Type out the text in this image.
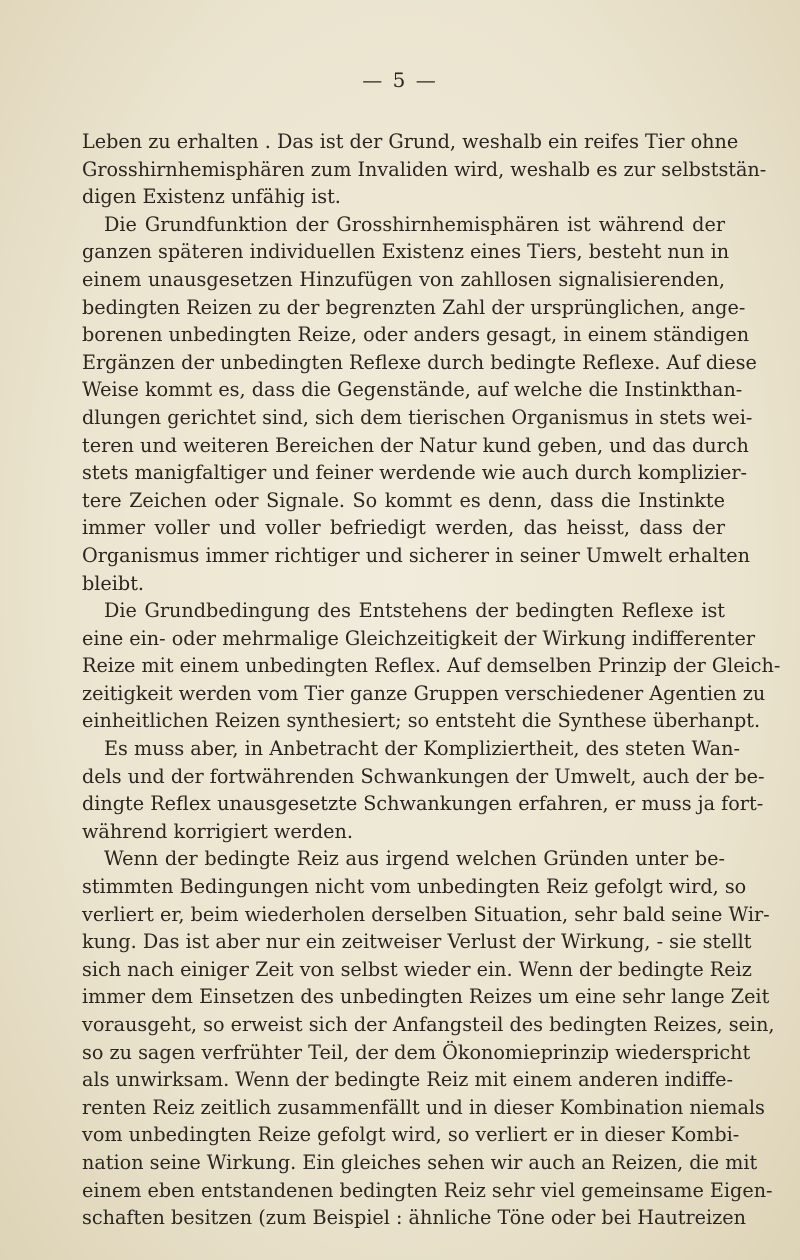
— 5 —
Leben zu erhalten . Das ist der Grund, weshalb ein reifes Tier ohne
Grosshirnhemisphären zum Invaliden wird, weshalb es zur selbststän-
digen Existenz unfähig ist.
Die Grundfunktion der Grosshirnhemisphären ist während der
ganzen späteren individuellen Existenz eines Tiers, besteht nun in
einem unausgesetzen Hinzufügen von zahllosen signalisierenden,
bedingten Reizen zu der begrenzten Zahl der ursprünglichen, ange-
borenen unbedingten Reize, oder anders gesagt, in einem ständigen
Ergänzen der unbedingten Reflexe durch bedingte Reflexe. Auf diese
Weise kommt es, dass die Gegenstände, auf welche die Instinkthan-
dlungen gerichtet sind, sich dem tierischen Organismus in stets wei-
teren und weiteren Bereichen der Natur kund geben, und das durch
stets manigfaltiger und feiner werdende wie auch durch komplizier-
tere Zeichen oder Signale. So kommt es denn, dass die Instinkte
immer voller und voller befriedigt werden, das heisst, dass der
Organismus immer richtiger und sicherer in seiner Umwelt erhalten
bleibt.
Die Grundbedingung des Entstehens der bedingten Reflexe ist
eine ein- oder mehrmalige Gleichzeitigkeit der Wirkung indifferenter
Reize mit einem unbedingten Reflex. Auf demselben Prinzip der Gleich-
zeitigkeit werden vom Tier ganze Gruppen verschiedener Agentien zu
einheitlichen Reizen synthesiert; so entsteht die Synthese überhanpt.
Es muss aber, in Anbetracht der Kompliziertheit, des steten Wan-
dels und der fortwährenden Schwankungen der Umwelt, auch der be-
dingte Reflex unausgesetzte Schwankungen erfahren, er muss ja fort-
während korrigiert werden.
Wenn der bedingte Reiz aus irgend welchen Gründen unter be-
stimmten Bedingungen nicht vom unbedingten Reiz gefolgt wird, so
verliert er, beim wiederholen derselben Situation, sehr bald seine Wir-
kung. Das ist aber nur ein zeitweiser Verlust der Wirkung, - sie stellt
sich nach einiger Zeit von selbst wieder ein. Wenn der bedingte Reiz
immer dem Einsetzen des unbedingten Reizes um eine sehr lange Zeit
vorausgeht, so erweist sich der Anfangsteil des bedingten Reizes, sein,
so zu sagen verfrühter Teil, der dem Ökonomieprinzip wiederspricht
als unwirksam. Wenn der bedingte Reiz mit einem anderen indiffe-
renten Reiz zeitlich zusammenfällt und in dieser Kombination niemals
vom unbedingten Reize gefolgt wird, so verliert er in dieser Kombi-
nation seine Wirkung. Ein gleiches sehen wir auch an Reizen, die mit
einem eben entstandenen bedingten Reiz sehr viel gemeinsame Eigen-
schaften besitzen (zum Beispiel : ähnliche Töne oder bei Hautreizen
